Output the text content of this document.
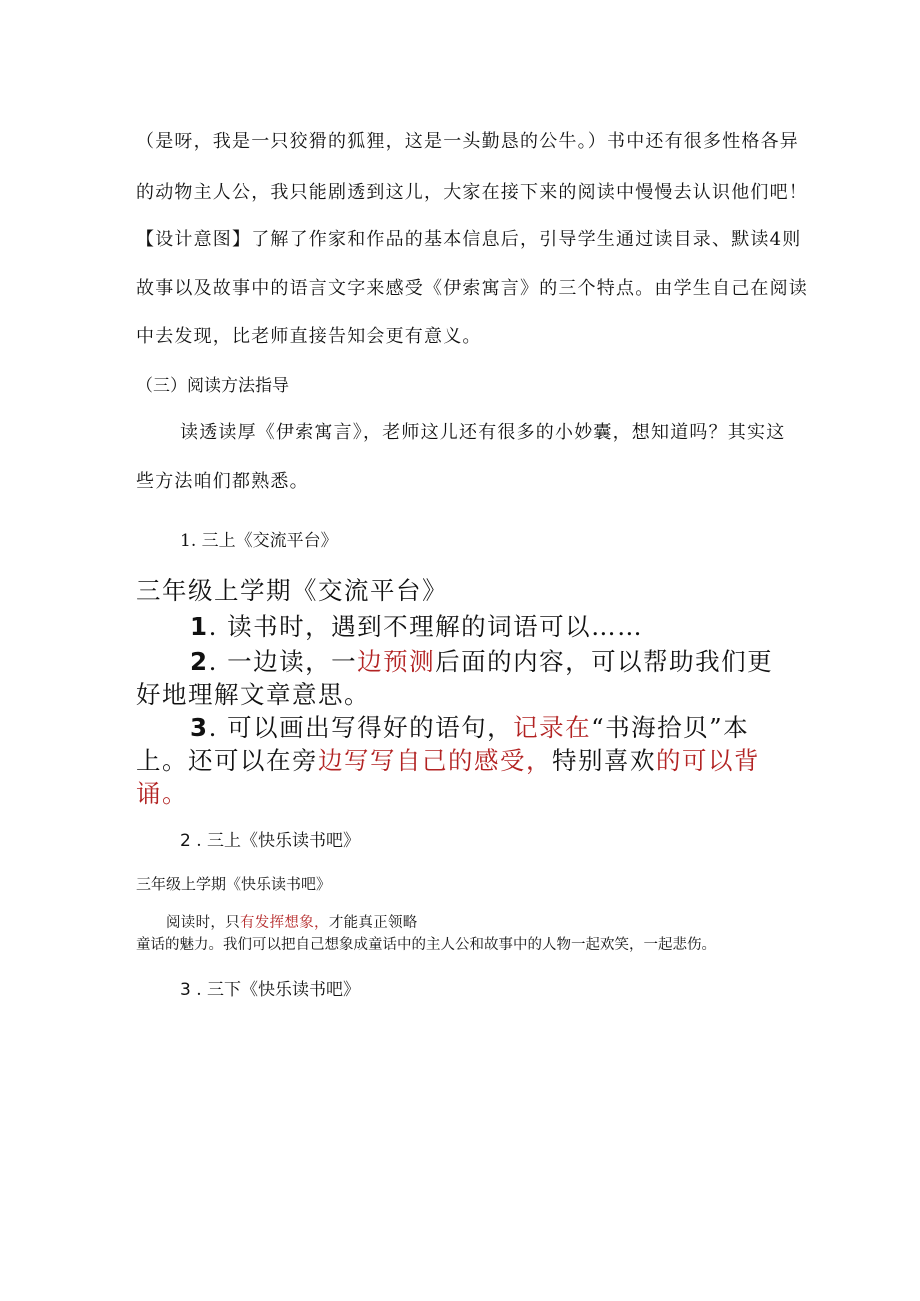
（是呀，我是一只狡猾的狐狸，这是一头勤恳的公牛。）书中还有很多性格各异

的动物主人公，我只能剧透到这儿，大家在接下来的阅读中慢慢去认识他们吧！

【设计意图】了解了作家和作品的基本信息后，引导学生通过读目录、默读4则

故事以及故事中的语言文字来感受《伊索寓言》的三个特点。由学生自己在阅读

中去发现，比老师直接告知会更有意义。

（三）阅读方法指导

读透读厚《伊索寓言》，老师这儿还有很多的小妙囊，想知道吗？其实这

些方法咱们都熟悉。

1. 三上《交流平台》

三年级上学期《交流平台》

1. 读书时，遇到不理解的词语可以……

2. 一边读，一边预测后面的内容，可以帮助我们更

好地理解文章意思。

3. 可以画出写得好的语句，记录在“书海拾贝”本

上。还可以在旁边写写自己的感受，特别喜欢的可以背

诵。

2 . 三上《快乐读书吧》

三年级上学期《快乐读书吧》

阅读时，只有发挥想象，才能真正领略

童话的魅力。我们可以把自己想象成童话中的主人公和故事中的人物一起欢笑，一起悲伤。

3 . 三下《快乐读书吧》
